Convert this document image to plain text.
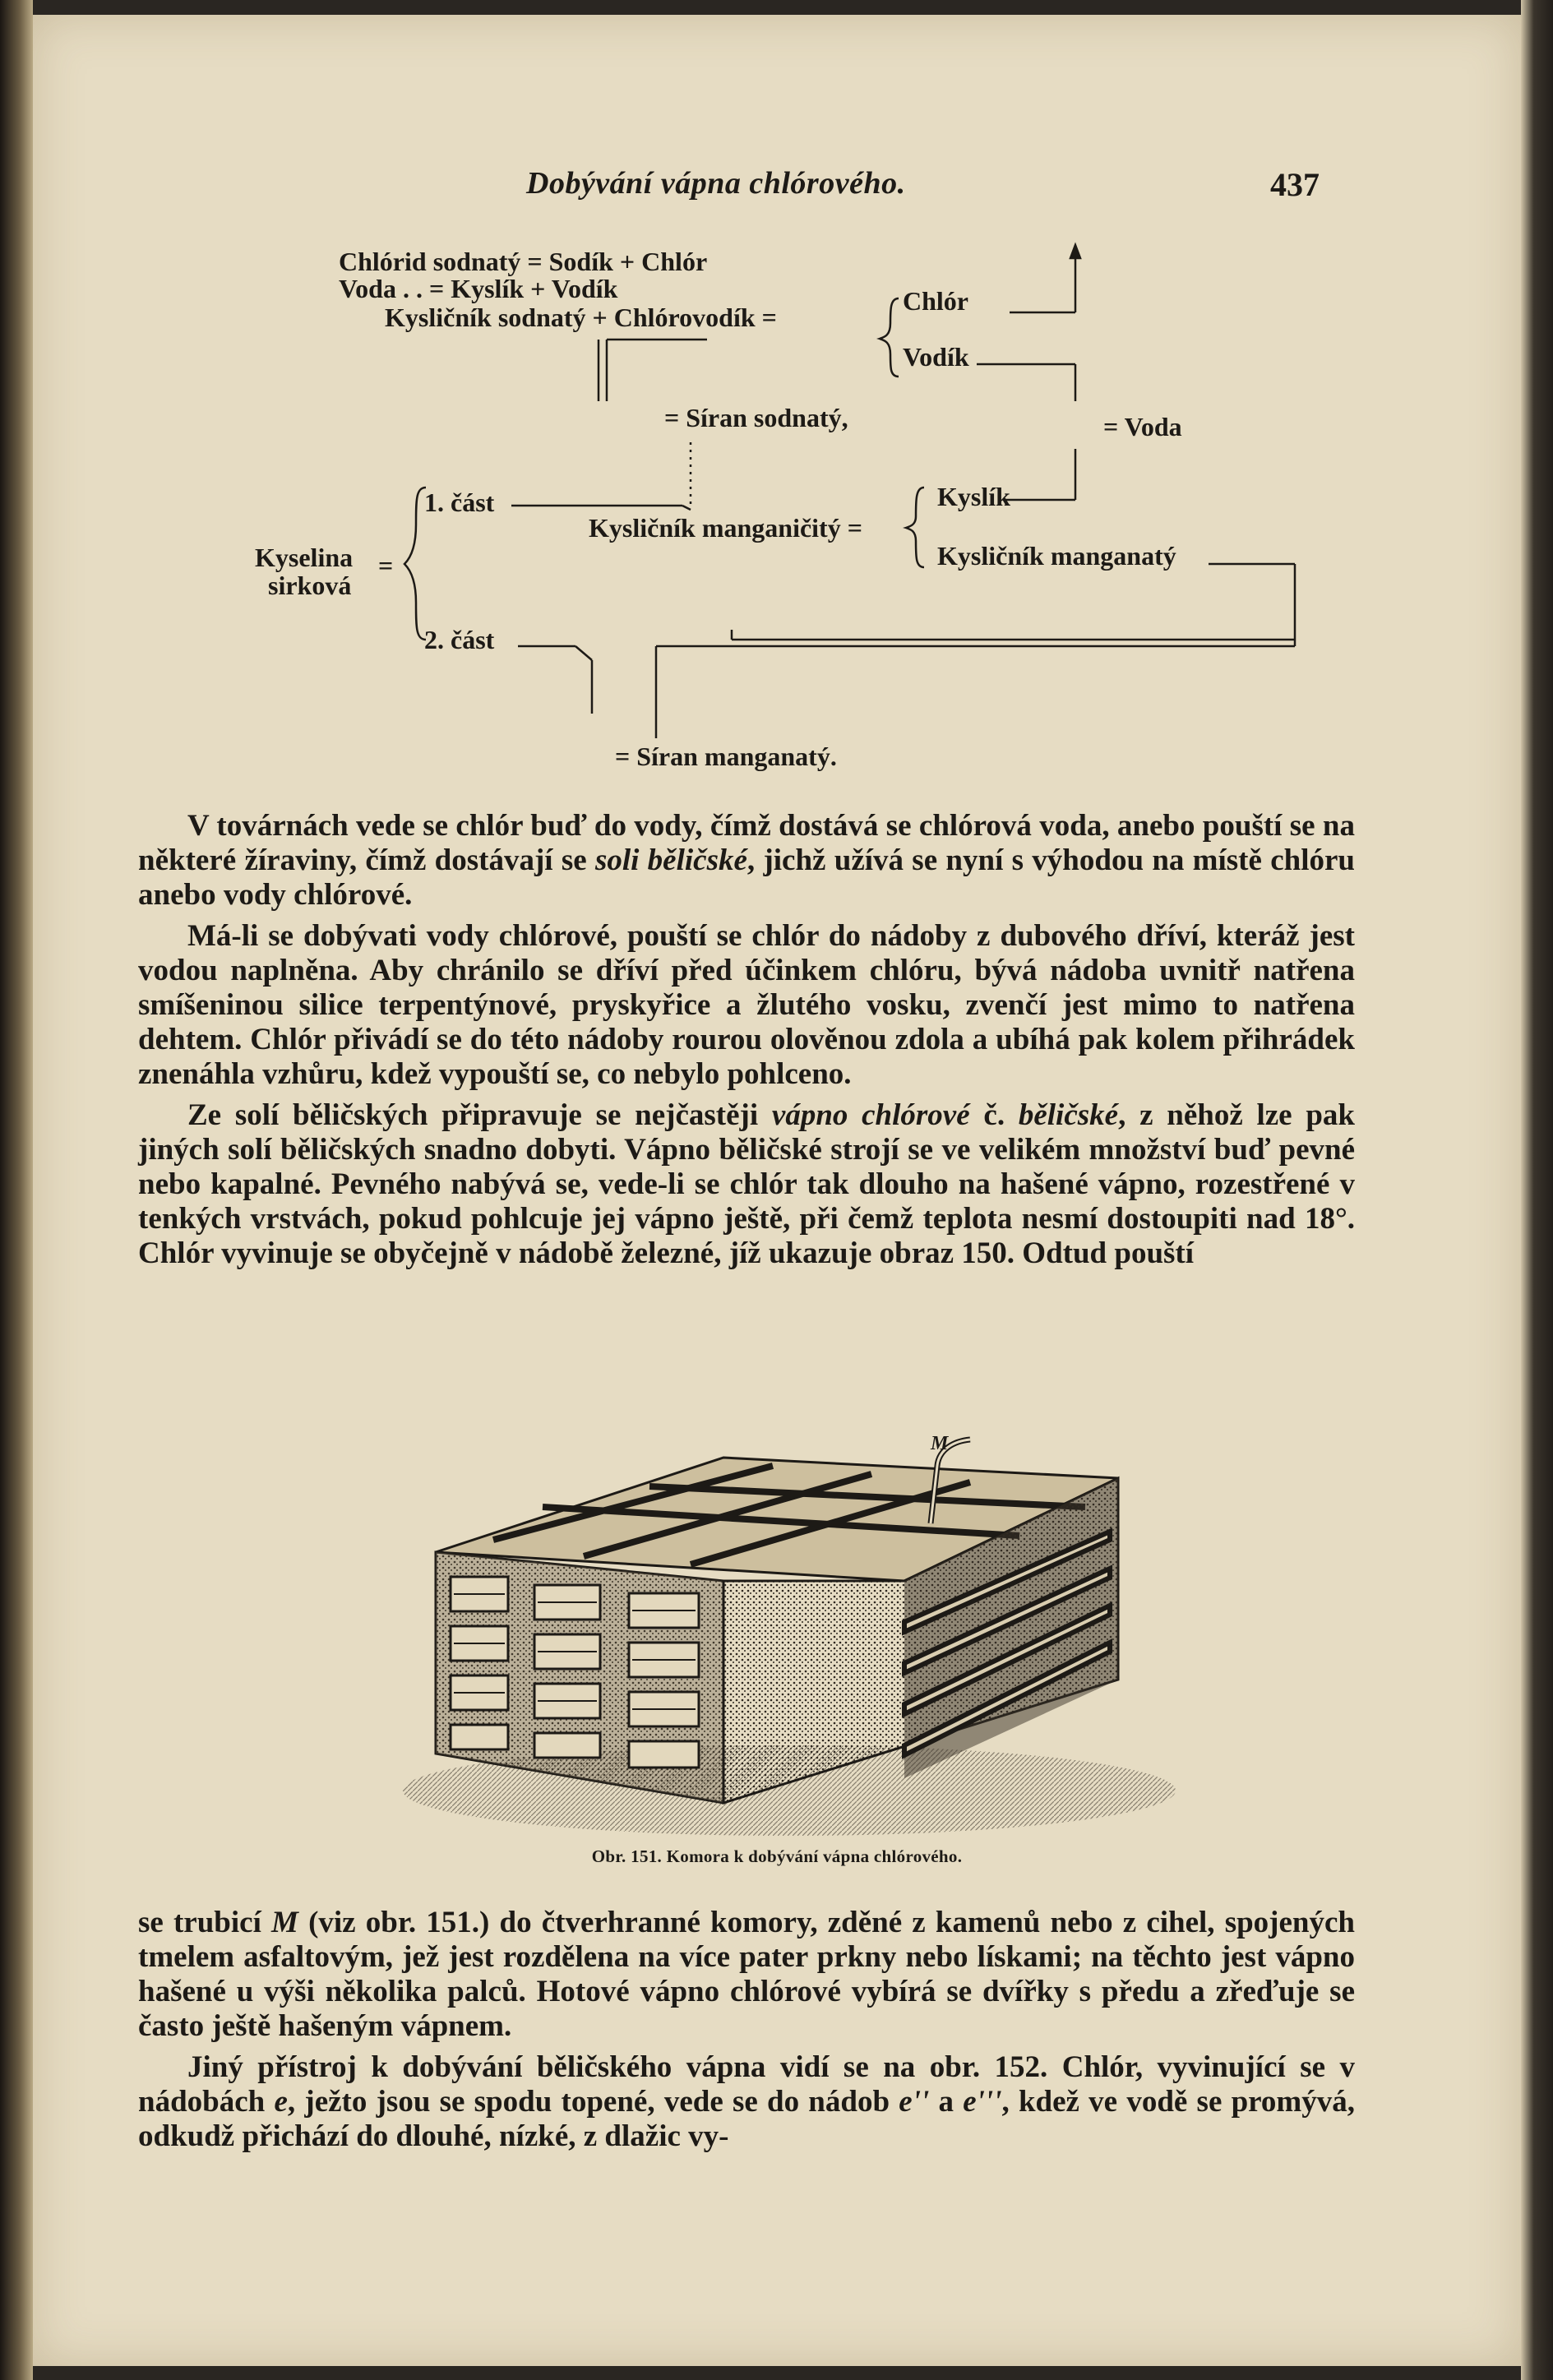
Dobývání vápna chlórového.	437
Chlórid sodnatý = Sodík + Chlór
Voda . . = Kyslík + Vodík
Kysličník sodnatý + Chlórovodík =
Chlór
Vodík
= Síran sodnatý,	= Voda
1. část
Kyselina =
sirková
Kysličník manganičitý =
Kyslík
Kysličník manganatý
2. část
= Síran manganatý.

V továrnách vede se chlór buď do vody, čímž dostává se chlórová voda, anebo pouští se na některé žíraviny, čímž dostávají se soli běličské, jichž užívá se nyní s výhodou na místě chlóru anebo vody chlórové.

Má-li se dobývati vody chlórové, pouští se chlór do nádoby z dubového dříví, kteráž jest vodou naplněna. Aby chránilo se dříví před účinkem chlóru, bývá nádoba uvnitř natřena smíšeninou silice terpentýnové, pryskyřice a žlutého vosku, zvenčí jest mimo to natřena dehtem. Chlór přivádí se do této nádoby rourou olověnou zdola a ubíhá pak kolem přihrádek znenáhla vzhůru, kdež vypouští se, co nebylo pohlceno.

Ze solí běličských připravuje se nejčastěji vápno chlórové č. běličské, z něhož lze pak jiných solí běličských snadno dobyti. Vápno běličské strojí se ve velikém množství buď pevné nebo kapalné. Pevného nabývá se, vede-li se chlór tak dlouho na hašené vápno, rozestřené v tenkých vrstvách, pokud pohlcuje jej vápno ještě, při čemž teplota nesmí dostoupiti nad 18°. Chlór vyvinuje se obyčejně v nádobě železné, jíž ukazuje obraz 150. Odtud pouští

M
Obr. 151. Komora k dobývání vápna chlórového.

se trubicí M (viz obr. 151.) do čtverhranné komory, zděné z kamenů nebo z cihel, spojených tmelem asfaltovým, jež jest rozdělena na více pater prkny nebo lískami; na těchto jest vápno hašené u výši několika palců. Hotové vápno chlórové vybírá se dvířky s předu a zřeďuje se často ještě hašeným vápnem.

Jiný přístroj k dobývání běličského vápna vidí se na obr. 152. Chlór, vyvinující se v nádobách e, ježto jsou se spodu topené, vede se do nádob e'' a e''', kdež ve vodě se promývá, odkudž přichází do dlouhé, nízké, z dlažic vy-
